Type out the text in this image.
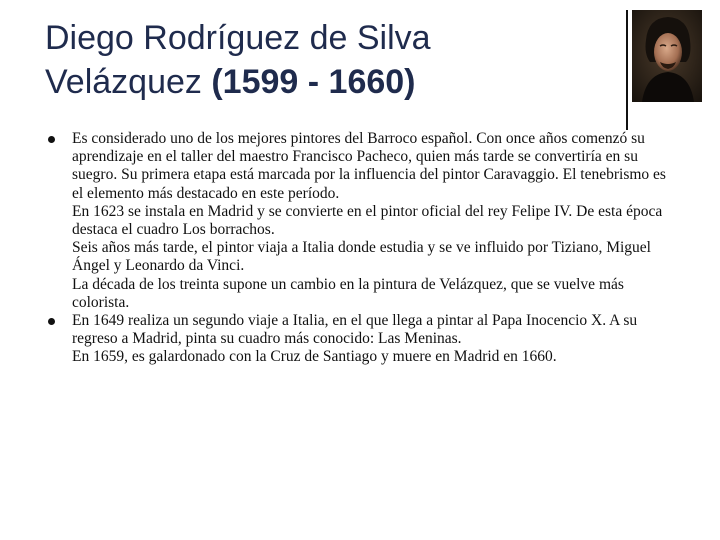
Diego Rodríguez de Silva
Velázquez (1599 - 1660)
Es considerado uno de los mejores pintores del Barroco español. Con once años comenzó su aprendizaje en el taller del maestro Francisco Pacheco, quien más tarde se convertiría en su suegro. Su primera etapa está marcada por la influencia del pintor Caravaggio. El tenebrismo es el elemento más destacado en este período.
En 1623 se instala en Madrid y se convierte en el pintor oficial del rey Felipe IV. De esta época destaca el cuadro Los borrachos.
Seis años más tarde, el pintor viaja a Italia donde estudia y se ve influido por Tiziano, Miguel Ángel y Leonardo da Vinci.
La década de los treinta supone un cambio en la pintura de Velázquez, que se vuelve más colorista.
En 1649 realiza un segundo viaje a Italia, en el que llega a pintar al Papa Inocencio X. A su regreso a Madrid, pinta su cuadro más conocido: Las Meninas.
En 1659, es galardonado con la Cruz de Santiago y muere en Madrid en 1660.
